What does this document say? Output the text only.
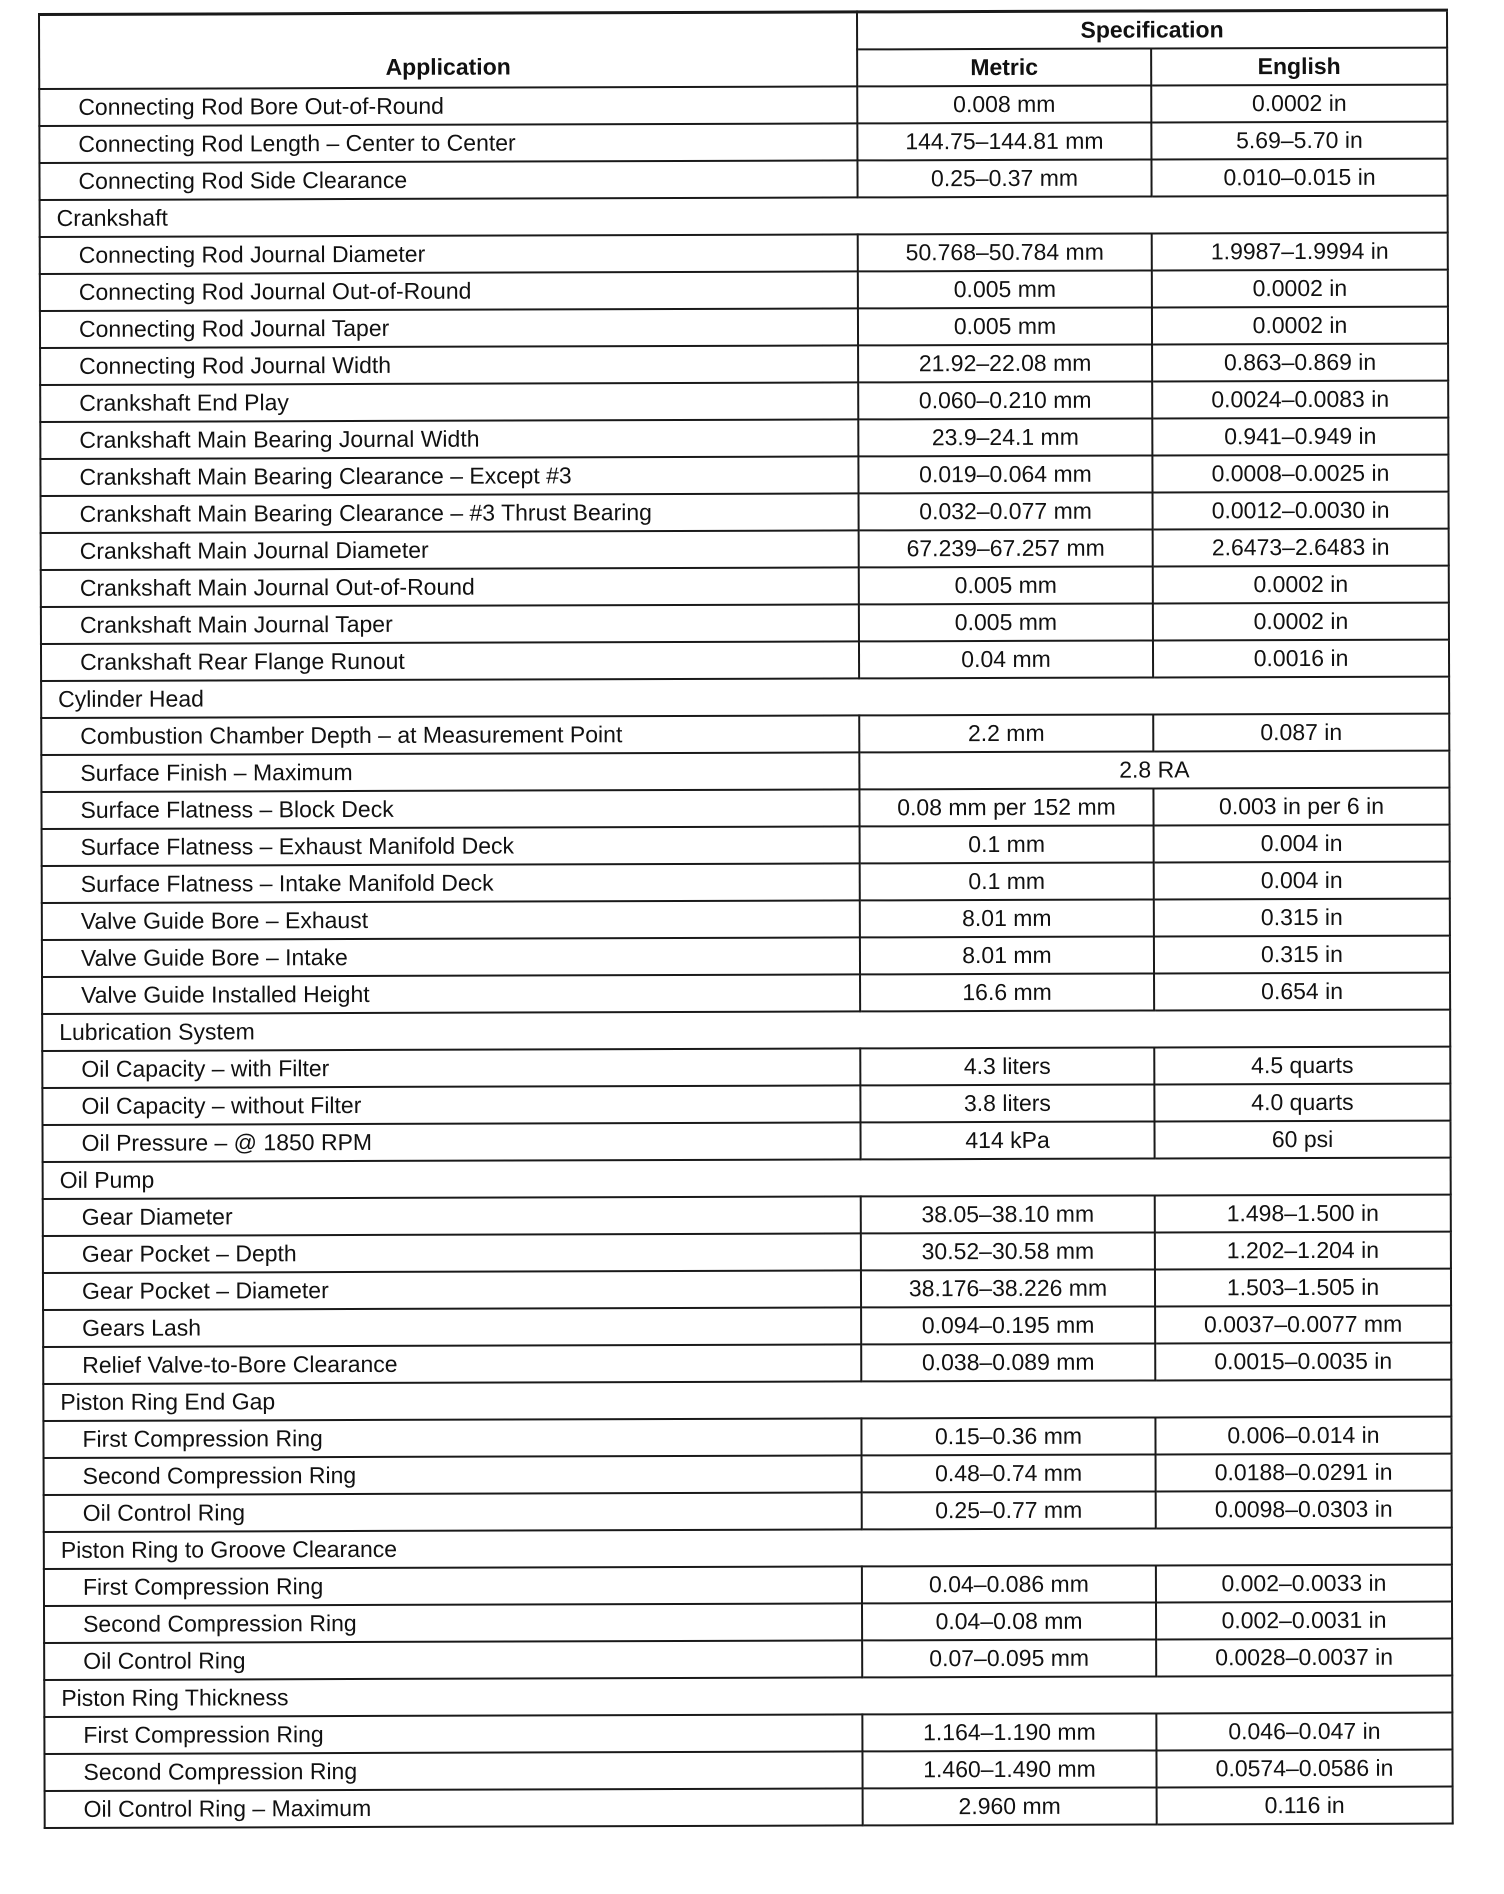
Application	Specification	
	Metric	English
Connecting Rod Bore Out-of-Round	0.008 mm	0.0002 in
Connecting Rod Length – Center to Center	144.75–144.81 mm	5.69–5.70 in
Connecting Rod Side Clearance	0.25–0.37 mm	0.010–0.015 in
Crankshaft		
Connecting Rod Journal Diameter	50.768–50.784 mm	1.9987–1.9994 in
Connecting Rod Journal Out-of-Round	0.005 mm	0.0002 in
Connecting Rod Journal Taper	0.005 mm	0.0002 in
Connecting Rod Journal Width	21.92–22.08 mm	0.863–0.869 in
Crankshaft End Play	0.060–0.210 mm	0.0024–0.0083 in
Crankshaft Main Bearing Journal Width	23.9–24.1 mm	0.941–0.949 in
Crankshaft Main Bearing Clearance – Except #3	0.019–0.064 mm	0.0008–0.0025 in
Crankshaft Main Bearing Clearance – #3 Thrust Bearing	0.032–0.077 mm	0.0012–0.0030 in
Crankshaft Main Journal Diameter	67.239–67.257 mm	2.6473–2.6483 in
Crankshaft Main Journal Out-of-Round	0.005 mm	0.0002 in
Crankshaft Main Journal Taper	0.005 mm	0.0002 in
Crankshaft Rear Flange Runout	0.04 mm	0.0016 in
Cylinder Head		
Combustion Chamber Depth – at Measurement Point	2.2 mm	0.087 in
Surface Finish – Maximum	2.8 RA	
Surface Flatness – Block Deck	0.08 mm per 152 mm	0.003 in per 6 in
Surface Flatness – Exhaust Manifold Deck	0.1 mm	0.004 in
Surface Flatness – Intake Manifold Deck	0.1 mm	0.004 in
Valve Guide Bore – Exhaust	8.01 mm	0.315 in
Valve Guide Bore – Intake	8.01 mm	0.315 in
Valve Guide Installed Height	16.6 mm	0.654 in
Lubrication System		
Oil Capacity – with Filter	4.3 liters	4.5 quarts
Oil Capacity – without Filter	3.8 liters	4.0 quarts
Oil Pressure – @ 1850 RPM	414 kPa	60 psi
Oil Pump		
Gear Diameter	38.05–38.10 mm	1.498–1.500 in
Gear Pocket – Depth	30.52–30.58 mm	1.202–1.204 in
Gear Pocket – Diameter	38.176–38.226 mm	1.503–1.505 in
Gears Lash	0.094–0.195 mm	0.0037–0.0077 mm
Relief Valve-to-Bore Clearance	0.038–0.089 mm	0.0015–0.0035 in
Piston Ring End Gap		
First Compression Ring	0.15–0.36 mm	0.006–0.014 in
Second Compression Ring	0.48–0.74 mm	0.0188–0.0291 in
Oil Control Ring	0.25–0.77 mm	0.0098–0.0303 in
Piston Ring to Groove Clearance		
First Compression Ring	0.04–0.086 mm	0.002–0.0033 in
Second Compression Ring	0.04–0.08 mm	0.002–0.0031 in
Oil Control Ring	0.07–0.095 mm	0.0028–0.0037 in
Piston Ring Thickness		
First Compression Ring	1.164–1.190 mm	0.046–0.047 in
Second Compression Ring	1.460–1.490 mm	0.0574–0.0586 in
Oil Control Ring – Maximum	2.960 mm	0.116 in
